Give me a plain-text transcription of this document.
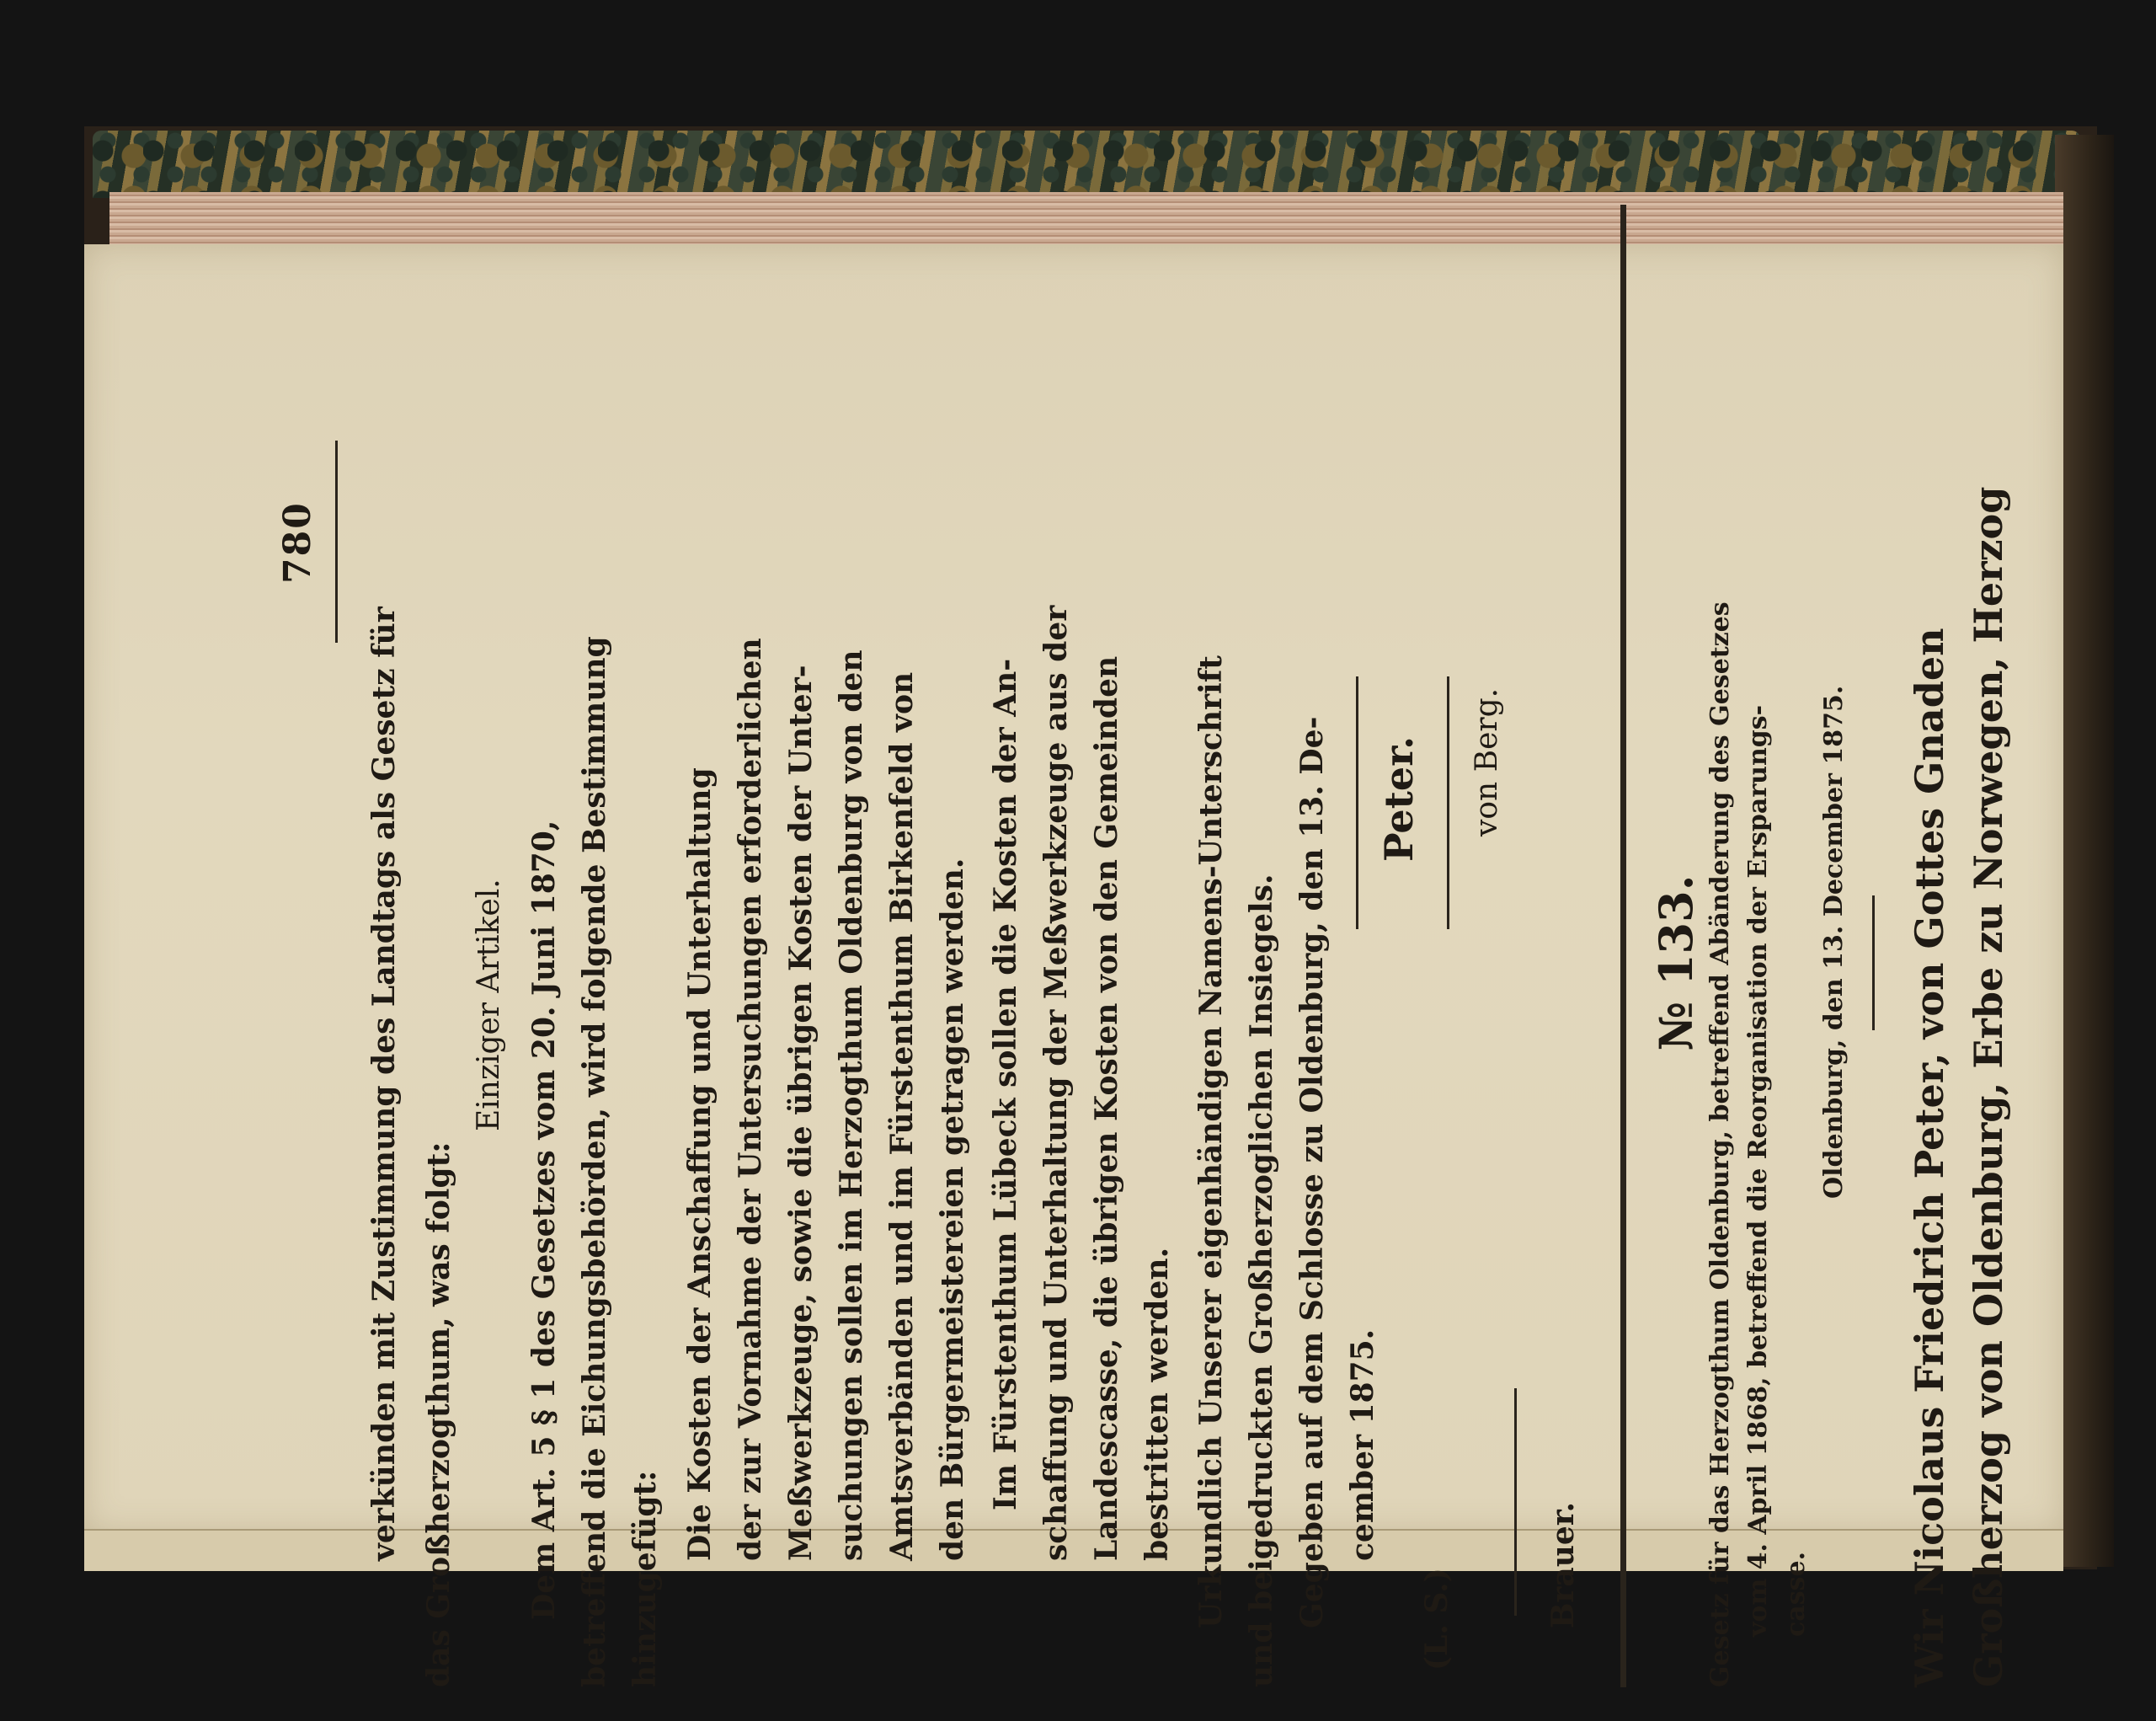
780
verkünden mit Zustimmung des Landtags als Gesetz für das Großherzogthum, was folgt:
Einziger Artikel. Dem Art. 5 § 1 des Gesetzes vom 20. Juni 1870, betreffend die Eichungsbehörden, wird folgende Bestimmung hinzugefügt:
Die Kosten der Anschaffung und Unterhaltung der zur Vornahme der Untersuchungen erforderlichen Meßwerkzeuge, sowie die übrigen Kosten der Unter- suchungen sollen im Herzogthum Oldenburg von den Amtsverbänden und im Fürstenthum Birkenfeld von den Bürgermeistereien getragen werden. Im Fürstenthum Lübeck sollen die Kosten der An- schaffung und Unterhaltung der Meßwerkzeuge aus der Landescasse, die übrigen Kosten von den Gemeinden bestritten werden. Urkundlich Unserer eigenhändigen Namens-Unterschrift und beigedruckten Großherzoglichen Insiegels. Gegeben auf dem Schlosse zu Oldenburg, den 13. De- cember 1875.
Peter.
(L. S.)
von Berg.
Brauer.
№ 133. Gesetz für das Herzogthum Oldenburg, betreffend Abänderung des Gesetzes vom 4. April 1868, betreffend die Reorganisation der Ersparungs- casse.
Oldenburg, den 13. December 1875. Wir Nicolaus Friedrich Peter, von Gottes Gnaden Großherzog von Oldenburg, Erbe zu Norwegen, Herzog
